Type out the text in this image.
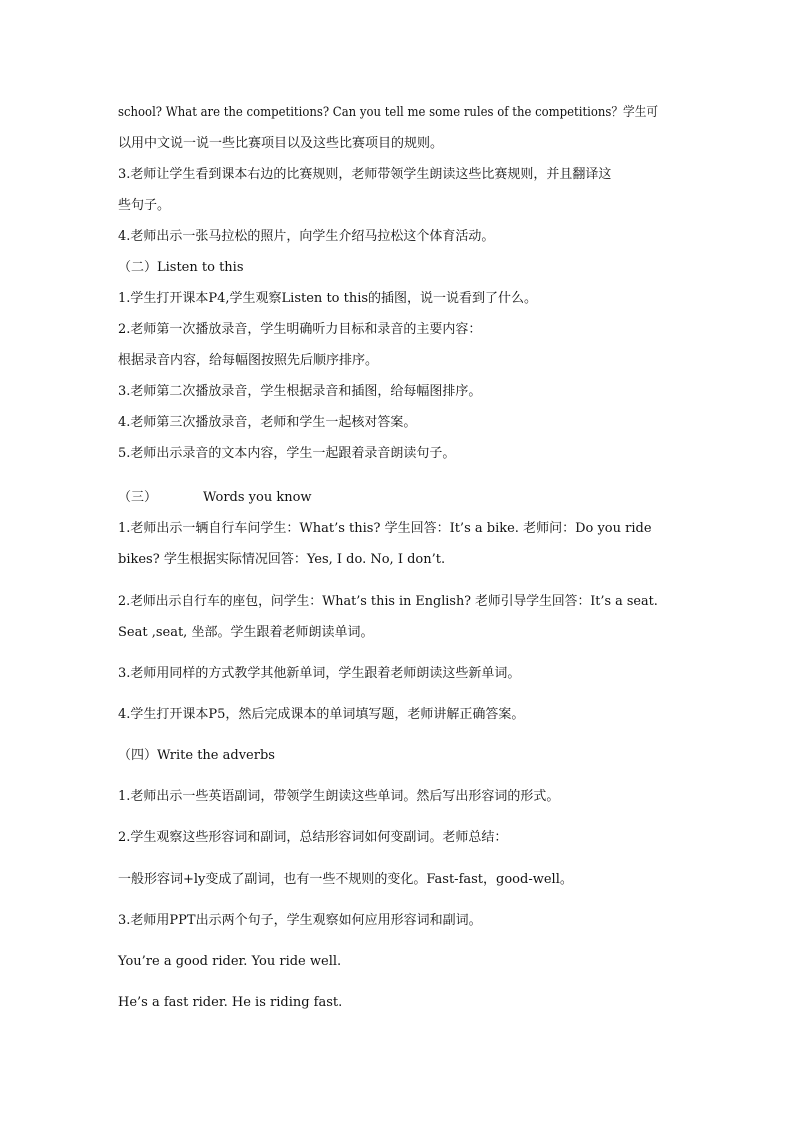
school? What are the competitions? Can you tell me some rules of the competitions？学生可
以用中文说一说一些比赛项目以及这些比赛项目的规则。
3.老师让学生看到课本右边的比赛规则，老师带领学生朗读这些比赛规则，并且翻译这
些句子。
4.老师出示一张马拉松的照片，向学生介绍马拉松这个体育活动。
（二）Listen to this
1.学生打开课本P4,学生观察Listen to this的插图，说一说看到了什么。
2.老师第一次播放录音，学生明确听力目标和录音的主要内容：
根据录音内容，给每幅图按照先后顺序排序。
3.老师第二次播放录音，学生根据录音和插图，给每幅图排序。
4.老师第三次播放录音，老师和学生一起核对答案。
5.老师出示录音的文本内容，学生一起跟着录音朗读句子。
（三）	Words you know
1.老师出示一辆自行车问学生：What’s this? 学生回答：It’s a bike. 老师问：Do you ride
bikes? 学生根据实际情况回答：Yes, I do. No, I don’t.
2.老师出示自行车的座包，问学生：What’s this in English? 老师引导学生回答：It’s a seat.
Seat ,seat, 坐部。学生跟着老师朗读单词。
3.老师用同样的方式教学其他新单词，学生跟着老师朗读这些新单词。
4.学生打开课本P5，然后完成课本的单词填写题，老师讲解正确答案。
（四）Write the adverbs
1.老师出示一些英语副词，带领学生朗读这些单词。然后写出形容词的形式。
2.学生观察这些形容词和副词，总结形容词如何变副词。老师总结：
一般形容词+ly变成了副词，也有一些不规则的变化。Fast-fast，good-well。
3.老师用PPT出示两个句子，学生观察如何应用形容词和副词。
You’re a good rider. You ride well.
He’s a fast rider. He is riding fast.
